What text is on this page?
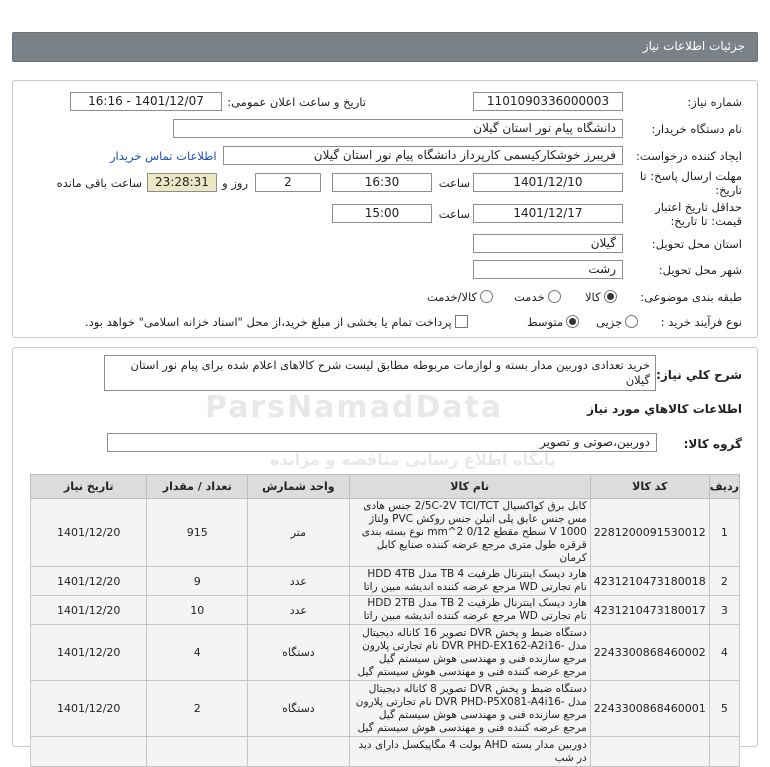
جزئیات اطلاعات نیاز
شماره نیاز:
1101090336000003
تاریخ و ساعت اعلان عمومی:
1401/12/07 - 16:16
نام دستگاه خریدار:
دانشگاه پیام نور استان گیلان
ایجاد کننده درخواست:
فریبرز خوشکارکیسمی کارپرداز دانشگاه پیام نور استان گیلان
اطلاعات تماس خریدار
مهلت ارسال پاسخ: تا
تاریخ:
1401/12/10
ساعت
16:30
2
روز و
23:28:31
ساعت باقی مانده
حداقل تاریخ اعتبار
قیمت: تا تاریخ:
1401/12/17
ساعت
15:00
استان محل تحویل:
گیلان
شهر محل تحویل:
رشت
طبقه بندی موضوعی:
کالا
خدمت
کالا/خدمت
نوع فرآیند خرید :
جزیی
متوسط
پرداخت تمام یا بخشی از مبلغ خرید،از محل "اسناد خزانه اسلامی" خواهد بود.
شرح کلي نياز:
خرید تعدادی دوربین مدار بسته و لوازمات مربوطه مطابق لیست شرح کالاهای اعلام شده برای پیام نور استان گیلان
اطلاعات کالاهاي مورد نياز
گروه کالا:
دوربین،صوتی و تصویر
ردیف	کد کالا	نام کالا	واحد شمارش	تعداد / مقدار	تاریخ نیاز
1	2281200091530012	کابل برق کواکسیال 2/5C-2V TCI/TCT جنس هادی مس جنس عایق پلی اتیلن جنس روکش PVC ولتاژ 1000 V سطح مقطع 0/12 mm^2 نوع بسته بندی قرقره طول متری مرجع عرضه کننده صنایع کابل کرمان	متر	915	1401/12/20
2	4231210473180018	هارد دیسک اینترنال ظرفیت 4 TB مدل HDD 4TB نام تجارتی WD مرجع عرضه کننده اندیشه مبین راتا	عدد	9	1401/12/20
3	4231210473180017	هارد دیسک اینترنال ظرفیت 2 TB مدل HDD 2TB نام تجارتی WD مرجع عرضه کننده اندیشه مبین راتا	عدد	10	1401/12/20
4	2243300868460002	دستگاه ضبط و پخش DVR تصویر 16 کاناله دیجیتال مدل -DVR PHD-EX162-A2i16 نام تجارتی پلارون مرجع سازنده فنی و مهندسی هوش سیستم گیل مرجع عرضه کننده فنی و مهندسی هوش سیستم گیل	دستگاه	4	1401/12/20
5	2243300868460001	دستگاه ضبط و پخش DVR تصویر 8 کاناله دیجیتال مدل -DVR PHD-P5X081-A4i16 نام تجارتی پلارون مرجع سازنده فنی و مهندسی هوش سیستم گیل مرجع عرضه کننده فنی و مهندسی هوش سیستم گیل	دستگاه	2	1401/12/20
		دوربین مدار بسته AHD بولت 4 مگاپیکسل دارای دید در شب			
